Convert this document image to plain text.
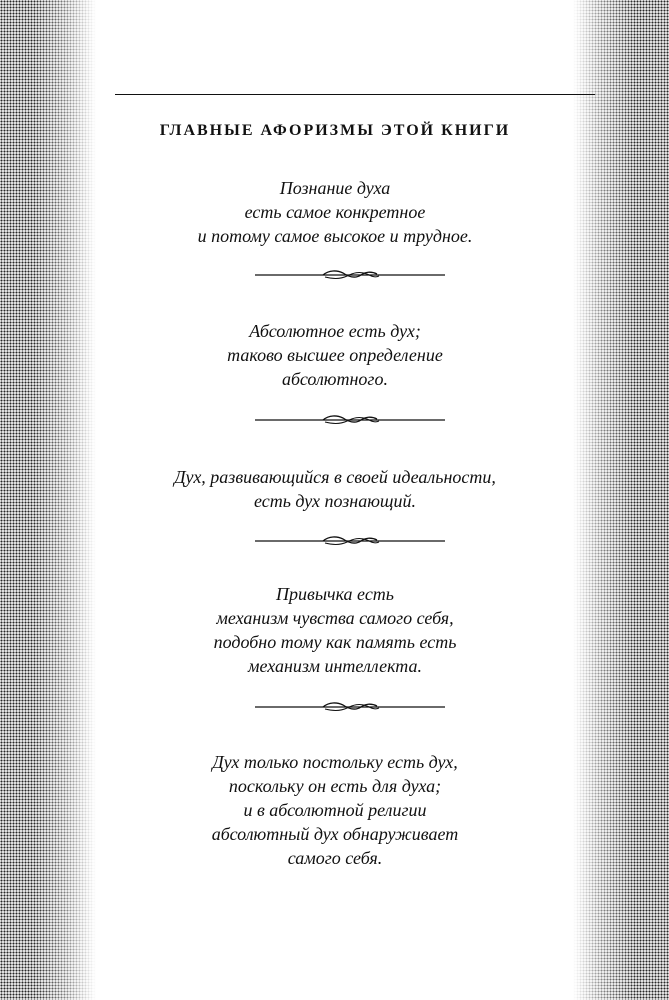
ГЛАВНЫЕ АФОРИЗМЫ ЭТОЙ КНИГИ
Познание духа
есть самое конкретное
и потому самое высокое и трудное.
Абсолютное есть дух;
таково высшее определение
абсолютного.
Дух, развивающийся в своей идеальности,
есть дух познающий.
Привычка есть
механизм чувства самого себя,
подобно тому как память есть
механизм интеллекта.
Дух только постольку есть дух,
поскольку он есть для духа;
и в абсолютной религии
абсолютный дух обнаруживает
самого себя.
